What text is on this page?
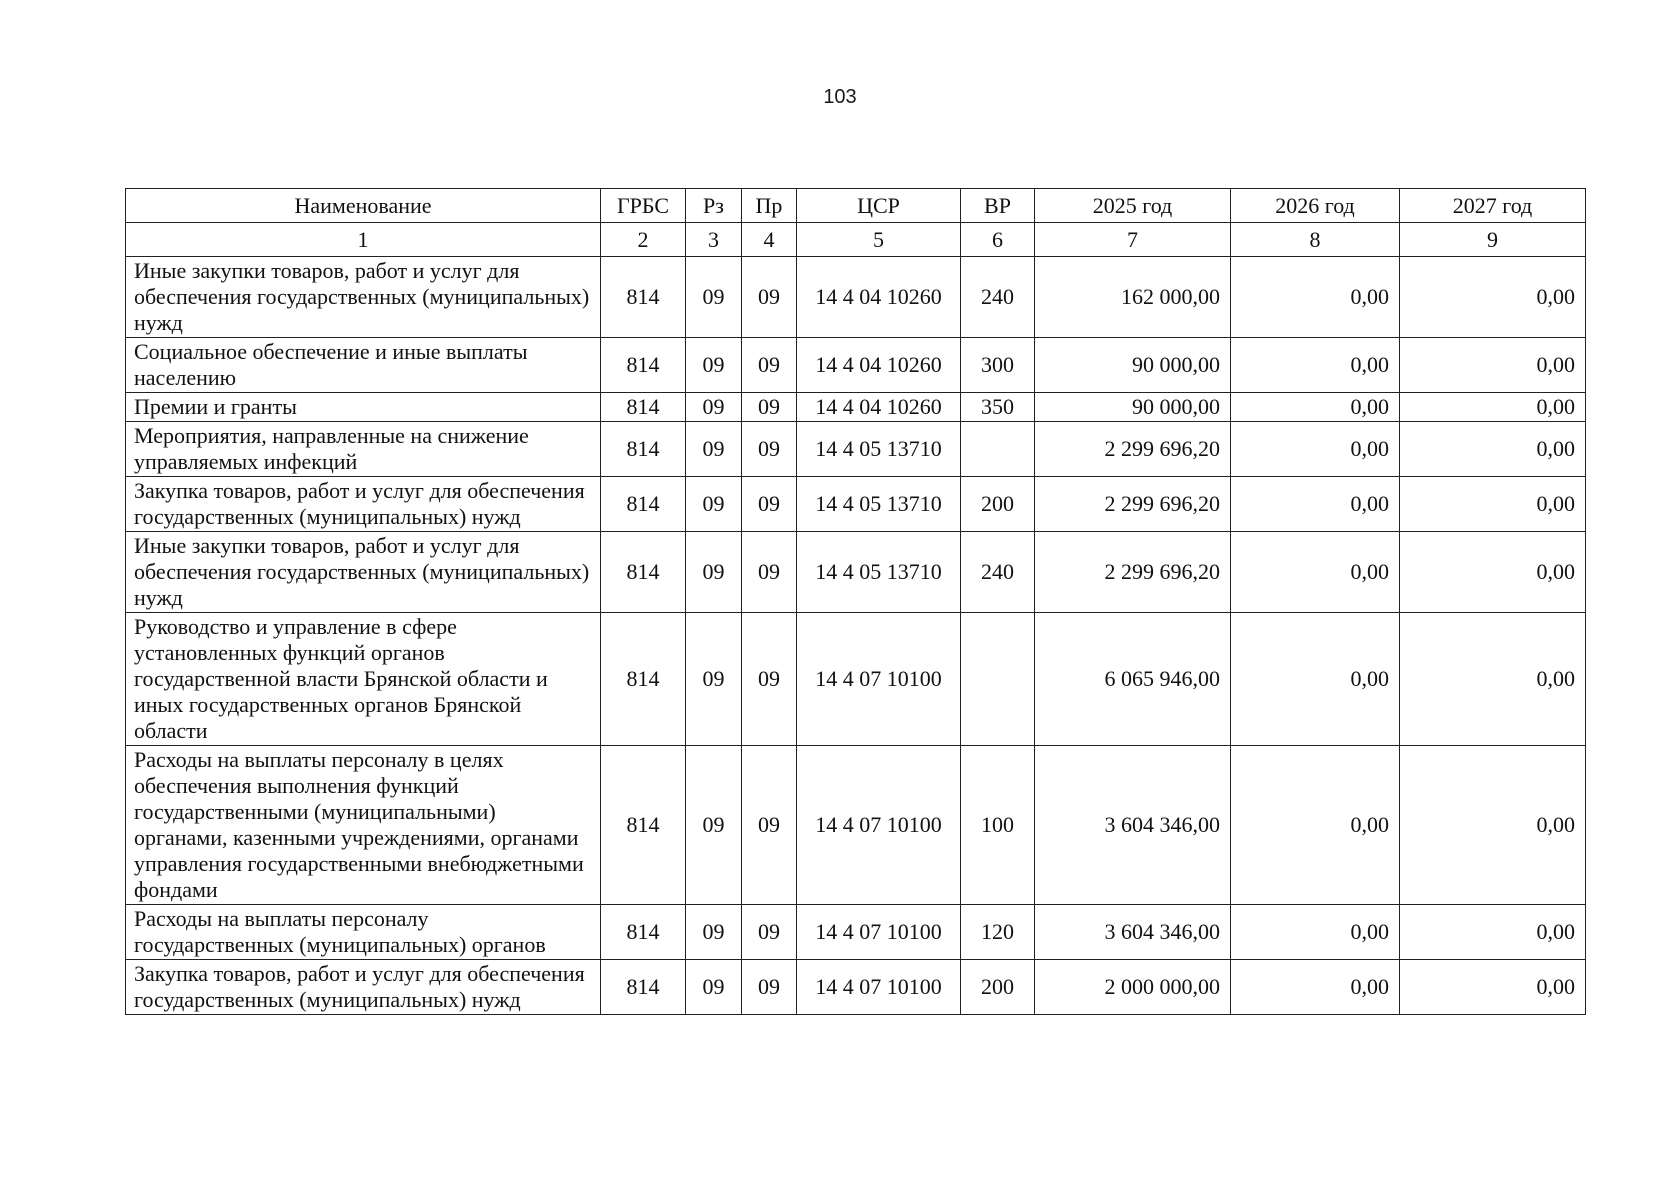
103
Наименование	ГРБС	Рз	Пр	ЦСР	ВР	2025 год	2026 год	2027 год
1	2	3	4	5	6	7	8	9
Иные закупки товаров, работ и услуг для обеспечения государственных (муниципальных) нужд	814	09	09	14 4 04 10260	240	162 000,00	0,00	0,00
Социальное обеспечение и иные выплаты населению	814	09	09	14 4 04 10260	300	90 000,00	0,00	0,00
Премии и гранты	814	09	09	14 4 04 10260	350	90 000,00	0,00	0,00
Мероприятия, направленные на снижение управляемых инфекций	814	09	09	14 4 05 13710		2 299 696,20	0,00	0,00
Закупка товаров, работ и услуг для обеспечения государственных (муниципальных) нужд	814	09	09	14 4 05 13710	200	2 299 696,20	0,00	0,00
Иные закупки товаров, работ и услуг для обеспечения государственных (муниципальных) нужд	814	09	09	14 4 05 13710	240	2 299 696,20	0,00	0,00
Руководство и управление в сфере установленных функций органов государственной власти Брянской области и иных государственных органов Брянской области	814	09	09	14 4 07 10100		6 065 946,00	0,00	0,00
Расходы на выплаты персоналу в целях обеспечения выполнения функций государственными (муниципальными) органами, казенными учреждениями, органами управления государственными внебюджетными фондами	814	09	09	14 4 07 10100	100	3 604 346,00	0,00	0,00
Расходы на выплаты персоналу государственных (муниципальных) органов	814	09	09	14 4 07 10100	120	3 604 346,00	0,00	0,00
Закупка товаров, работ и услуг для обеспечения государственных (муниципальных) нужд	814	09	09	14 4 07 10100	200	2 000 000,00	0,00	0,00
